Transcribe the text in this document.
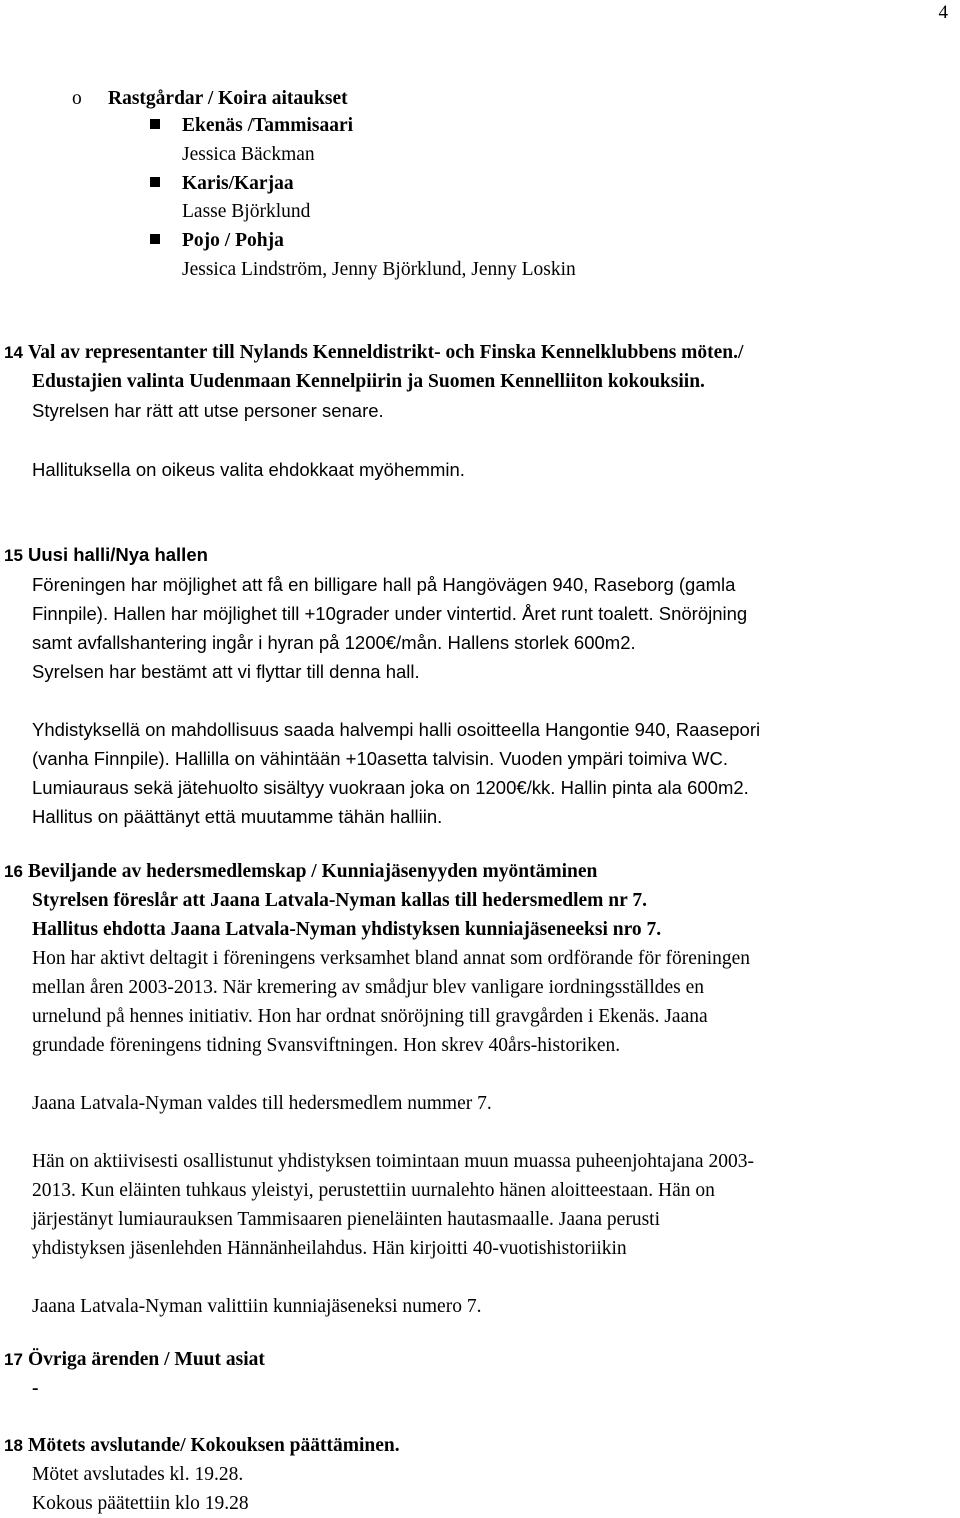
4
o Rastgårdar / Koira aitaukset
Ekenäs /Tammisaari
Jessica Bäckman
Karis/Karjaa
Lasse Björklund
Pojo / Pohja
Jessica Lindström, Jenny Björklund, Jenny Loskin
14 Val av representanter till Nylands Kenneldistrikt- och Finska Kennelklubbens möten./
Edustajien valinta Uudenmaan Kennelpiirin ja Suomen Kennelliiton kokouksiin.
Styrelsen har rätt att utse personer senare.
Hallituksella on oikeus valita ehdokkaat myöhemmin.
15 Uusi halli/Nya hallen
Föreningen har möjlighet att få en billigare hall på Hangövägen 940, Raseborg (gamla
Finnpile). Hallen har möjlighet till +10grader under vintertid. Året runt toalett. Snöröjning
samt avfallshantering ingår i hyran på 1200€/mån. Hallens storlek 600m2.
Syrelsen har bestämt att vi flyttar till denna hall.
Yhdistyksellä on mahdollisuus saada halvempi halli osoitteella Hangontie 940, Raasepori
(vanha Finnpile). Hallilla on vähintään +10asetta talvisin. Vuoden ympäri toimiva WC.
Lumiauraus sekä jätehuolto sisältyy vuokraan joka on 1200€/kk. Hallin pinta ala 600m2.
Hallitus on päättänyt että muutamme tähän halliin.
16 Beviljande av hedersmedlemskap / Kunniajäsenyyden myöntäminen
Styrelsen föreslår att Jaana Latvala-Nyman kallas till hedersmedlem nr 7.
Hallitus ehdotta Jaana Latvala-Nyman yhdistyksen kunniajäseneeksi nro 7.
Hon har aktivt deltagit i föreningens verksamhet bland annat som ordförande för föreningen
mellan åren 2003-2013. När kremering av smådjur blev vanligare iordningsställdes en
urnelund på hennes initiativ. Hon har ordnat snöröjning till gravgården i Ekenäs. Jaana
grundade föreningens tidning Svansviftningen. Hon skrev 40års-historiken.
Jaana Latvala-Nyman valdes till hedersmedlem nummer 7.
Hän on aktiivisesti osallistunut yhdistyksen toimintaan muun muassa puheenjohtajana 2003-
2013. Kun eläinten tuhkaus yleistyi, perustettiin uurnalehto hänen aloitteestaan. Hän on
järjestänyt lumiaurauksen Tammisaaren pieneläinten hautasmaalle. Jaana perusti
yhdistyksen jäsenlehden Hännänheilahdus. Hän kirjoitti 40-vuotishistoriikin
Jaana Latvala-Nyman valittiin kunniajäseneksi numero 7.
17 Övriga ärenden / Muut asiat
-
18 Mötets avslutande/ Kokouksen päättäminen.
Mötet avslutades kl. 19.28.
Kokous päätettiin klo 19.28
